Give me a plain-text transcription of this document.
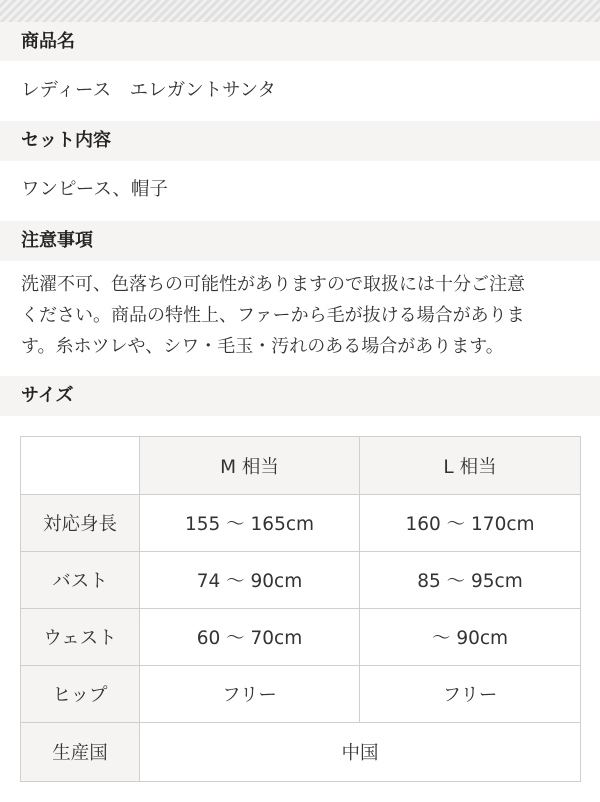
商品名
レディース　エレガントサンタ
セット内容
ワンピース、帽子
注意事項

洗濯不可、色落ちの可能性がありますので取扱には十分ご注意
ください。商品の特性上、ファーから毛が抜ける場合がありま
す。糸ホツレや、シワ・毛玉・汚れのある場合があります。

サイズ
	M 相当	L 相当
対応身長	155 〜 165cm	160 〜 170cm
バスト	74 〜 90cm	85 〜 95cm
ウェスト	60 〜 70cm	〜 90cm
ヒップ	フリー	フリー
生産国	中国	
